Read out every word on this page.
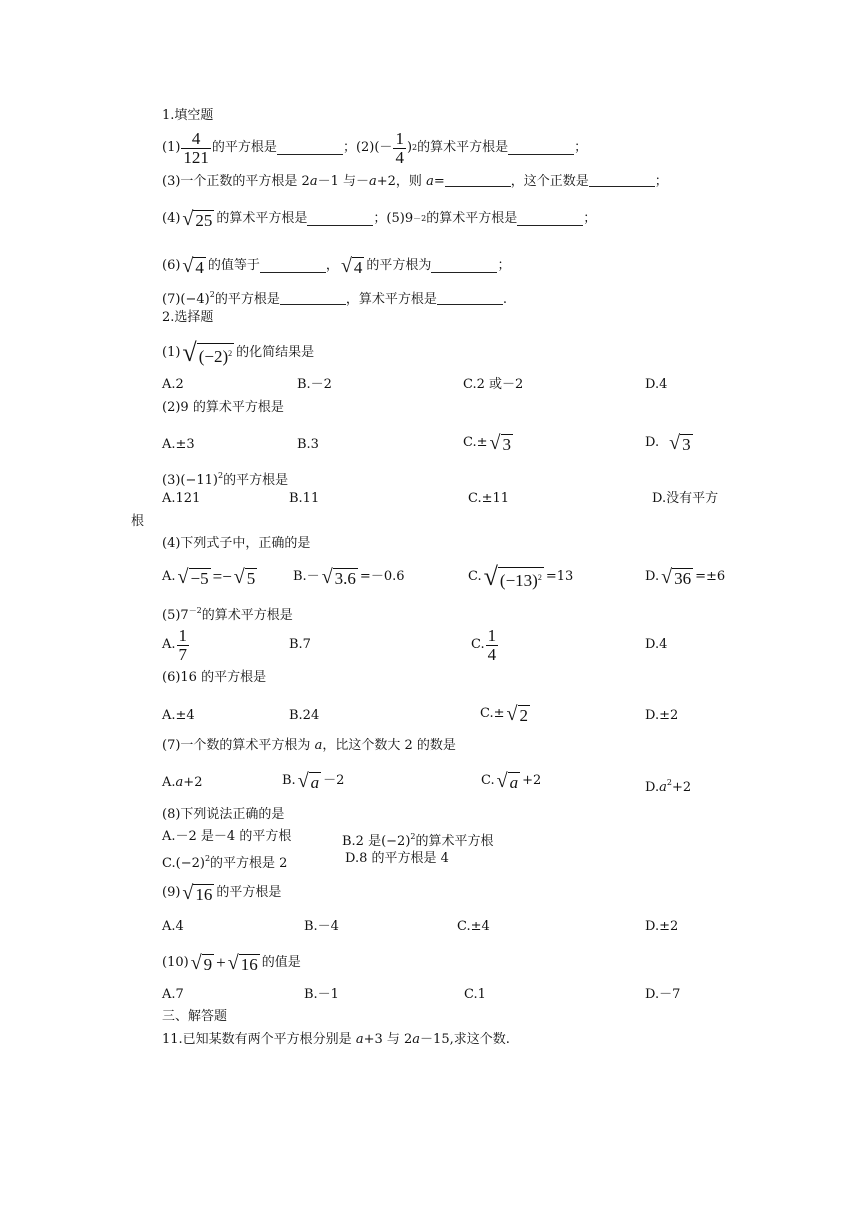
1.填空题
$(1) \frac{4}{121}$ 的平方根是	；$(2)(- \frac{1}{4}$ ) 2 的算术平方根是	；
(3)一个正数的平方根是 2a－1 与－a+2，则 a=	，这个正数是	；
(4) √ 25 的算术平方根是	；(5)9 －2 的算术平方根是	；
(6) √ 4 的值等于	， √ 4 的平方根为	；
$(7)(-4)^2$的平方根是	，算术平方根是	.
2.选择题
(1) √ $(-2)^2$ 的化简结果是
A.2	B.－2	C.2 或－2	D.4
(2)9 的算术平方根是
A.±3	B.3	C.± √ 3	D. √ 3
$(3)(-11)^2$的平方根是
A.121	B.11	C.±11	D.没有平方
根
(4)下列式子中，正确的是
A. √ −5 =− √ 5	B.－ √ 3.6 =－0.6	C. √ $(-13)^2 =13$	D. √ 36 =±6
$(5)7^{-2}$的算术平方根是
A. $\frac{1}{7}$	B.7	C. $\frac{1}{4}$	D.4
(6)16 的平方根是
A.±4	B.24	C.± √ 2	D.±2
(7)一个数的算术平方根为 a，比这个数大 2 的数是
A.a+2	B. √ a －2	C. √ a +2	$D.a^2+2$
(8)下列说法正确的是
A.－2 是－4 的平方根	B.2 是$(-2)^2$的算术平方根
$C.(-2)^2$的平方根是 2	D.8 的平方根是 4
(9) √ 16 的平方根是
A.4	B.－4	C.±4	D.±2
(10) √ 9 + √ 16 的值是
A.7	B.－1	C.1	D.－7
三、解答题
11.已知某数有两个平方根分别是 a+3 与 2a－15,求这个数.
